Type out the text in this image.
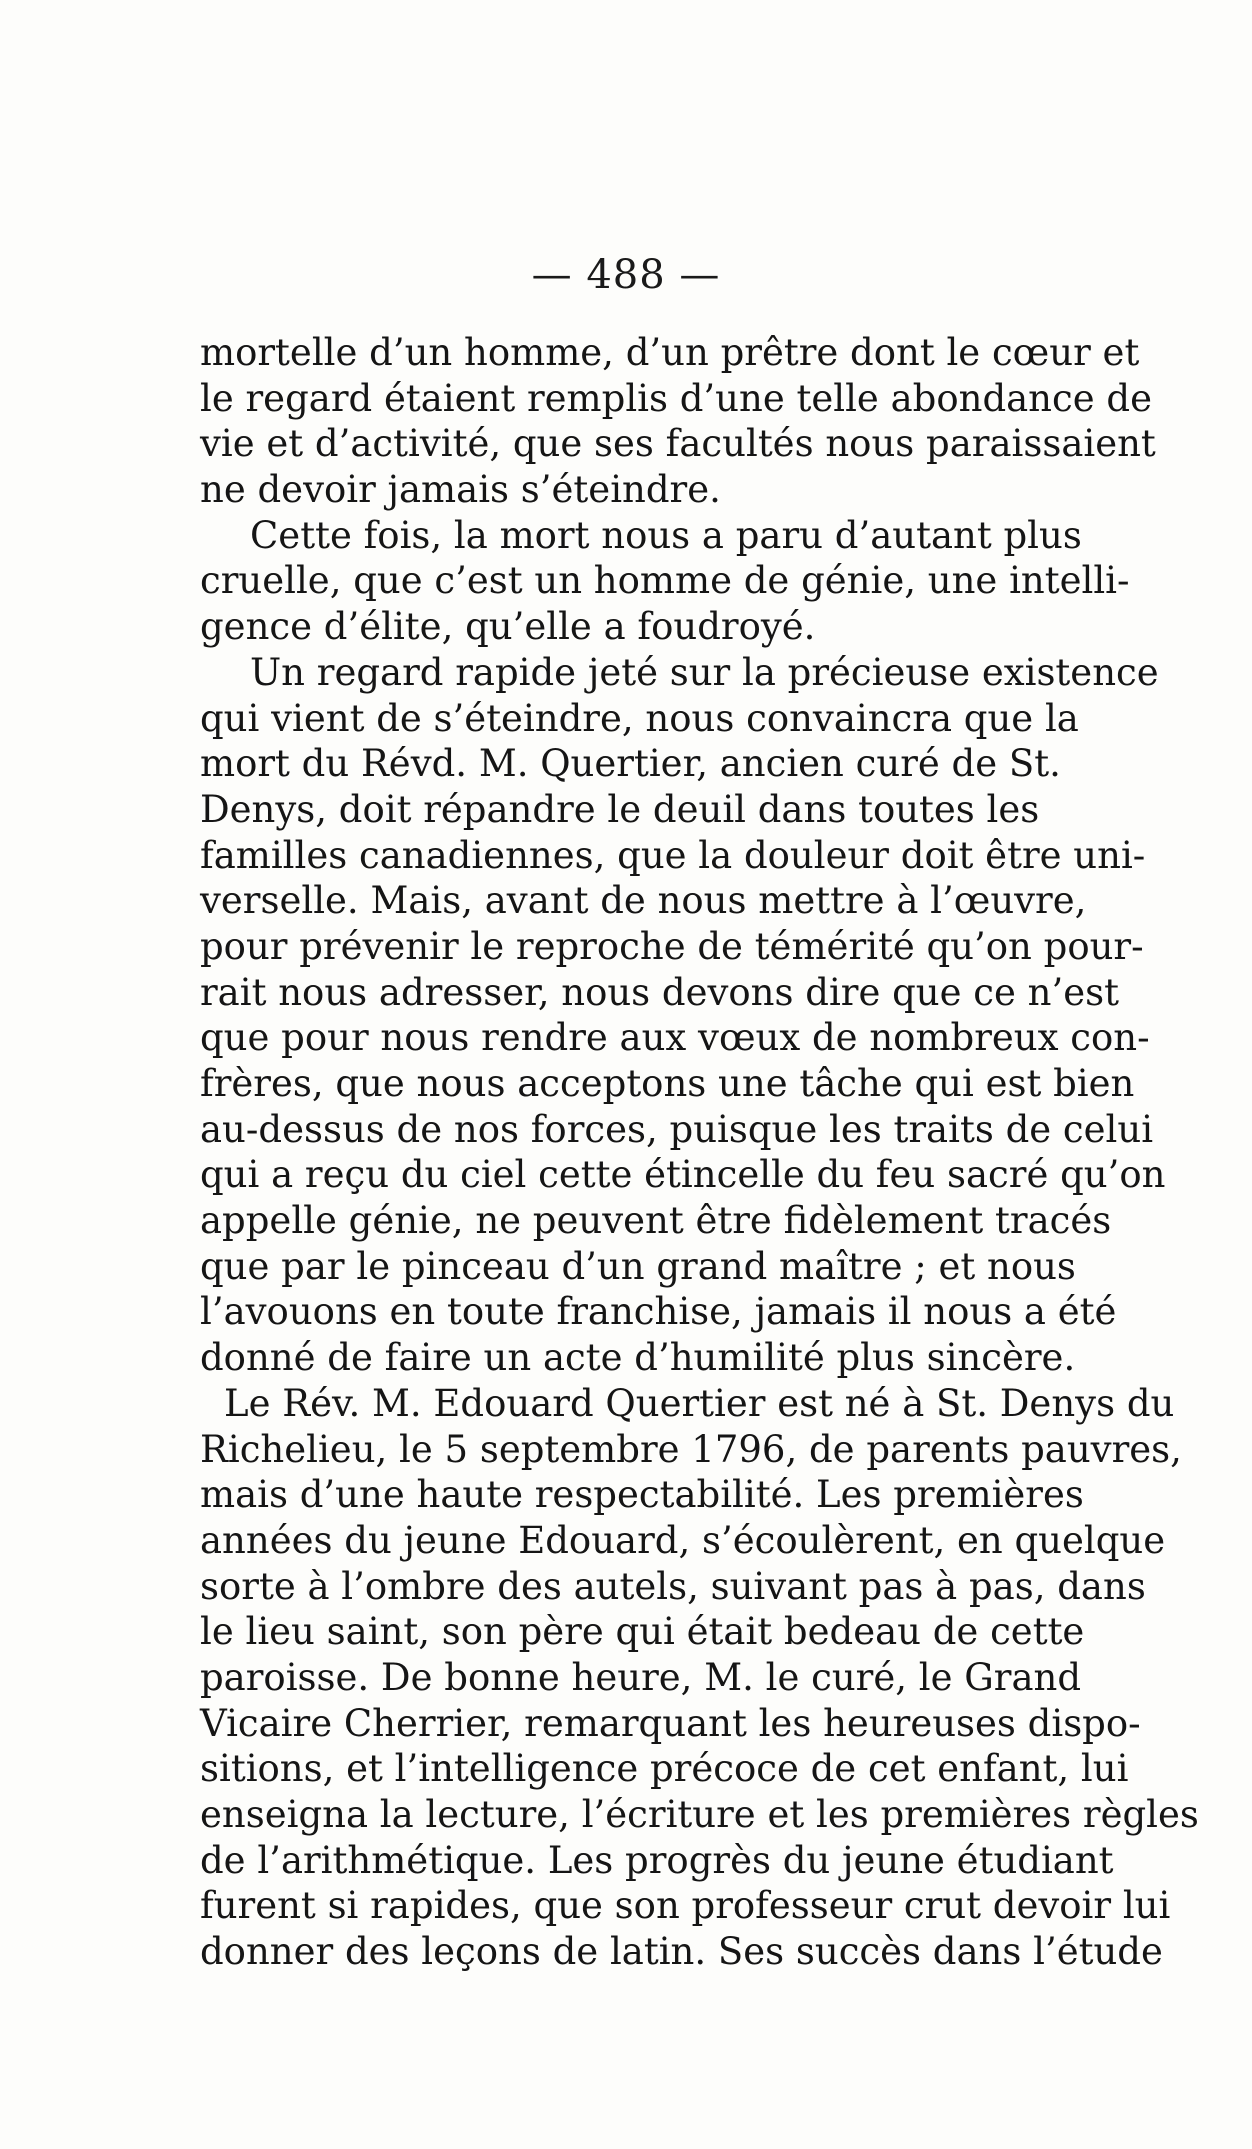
— 488 —
mortelle d’un homme, d’un prêtre dont le cœur et
le regard étaient remplis d’une telle abondance de
vie et d’activité, que ses facultés nous paraissaient
ne devoir jamais s’éteindre.
Cette fois, la mort nous a paru d’autant plus
cruelle, que c’est un homme de génie, une intelli-
gence d’élite, qu’elle a foudroyé.
Un regard rapide jeté sur la précieuse existence
qui vient de s’éteindre, nous convaincra que la
mort du Révd. M. Quertier, ancien curé de St.
Denys, doit répandre le deuil dans toutes les
familles canadiennes, que la douleur doit être uni-
verselle. Mais, avant de nous mettre à l’œuvre,
pour prévenir le reproche de témérité qu’on pour-
rait nous adresser, nous devons dire que ce n’est
que pour nous rendre aux vœux de nombreux con-
frères, que nous acceptons une tâche qui est bien
au-dessus de nos forces, puisque les traits de celui
qui a reçu du ciel cette étincelle du feu sacré qu’on
appelle génie, ne peuvent être fidèlement tracés
que par le pinceau d’un grand maître ; et nous
l’avouons en toute franchise, jamais il nous a été
donné de faire un acte d’humilité plus sincère.
Le Rév. M. Edouard Quertier est né à St. Denys du
Richelieu, le 5 septembre 1796, de parents pauvres,
mais d’une haute respectabilité. Les premières
années du jeune Edouard, s’écoulèrent, en quelque
sorte à l’ombre des autels, suivant pas à pas, dans
le lieu saint, son père qui était bedeau de cette
paroisse. De bonne heure, M. le curé, le Grand
Vicaire Cherrier, remarquant les heureuses dispo-
sitions, et l’intelligence précoce de cet enfant, lui
enseigna la lecture, l’écriture et les premières règles
de l’arithmétique. Les progrès du jeune étudiant
furent si rapides, que son professeur crut devoir lui
donner des leçons de latin. Ses succès dans l’étude
